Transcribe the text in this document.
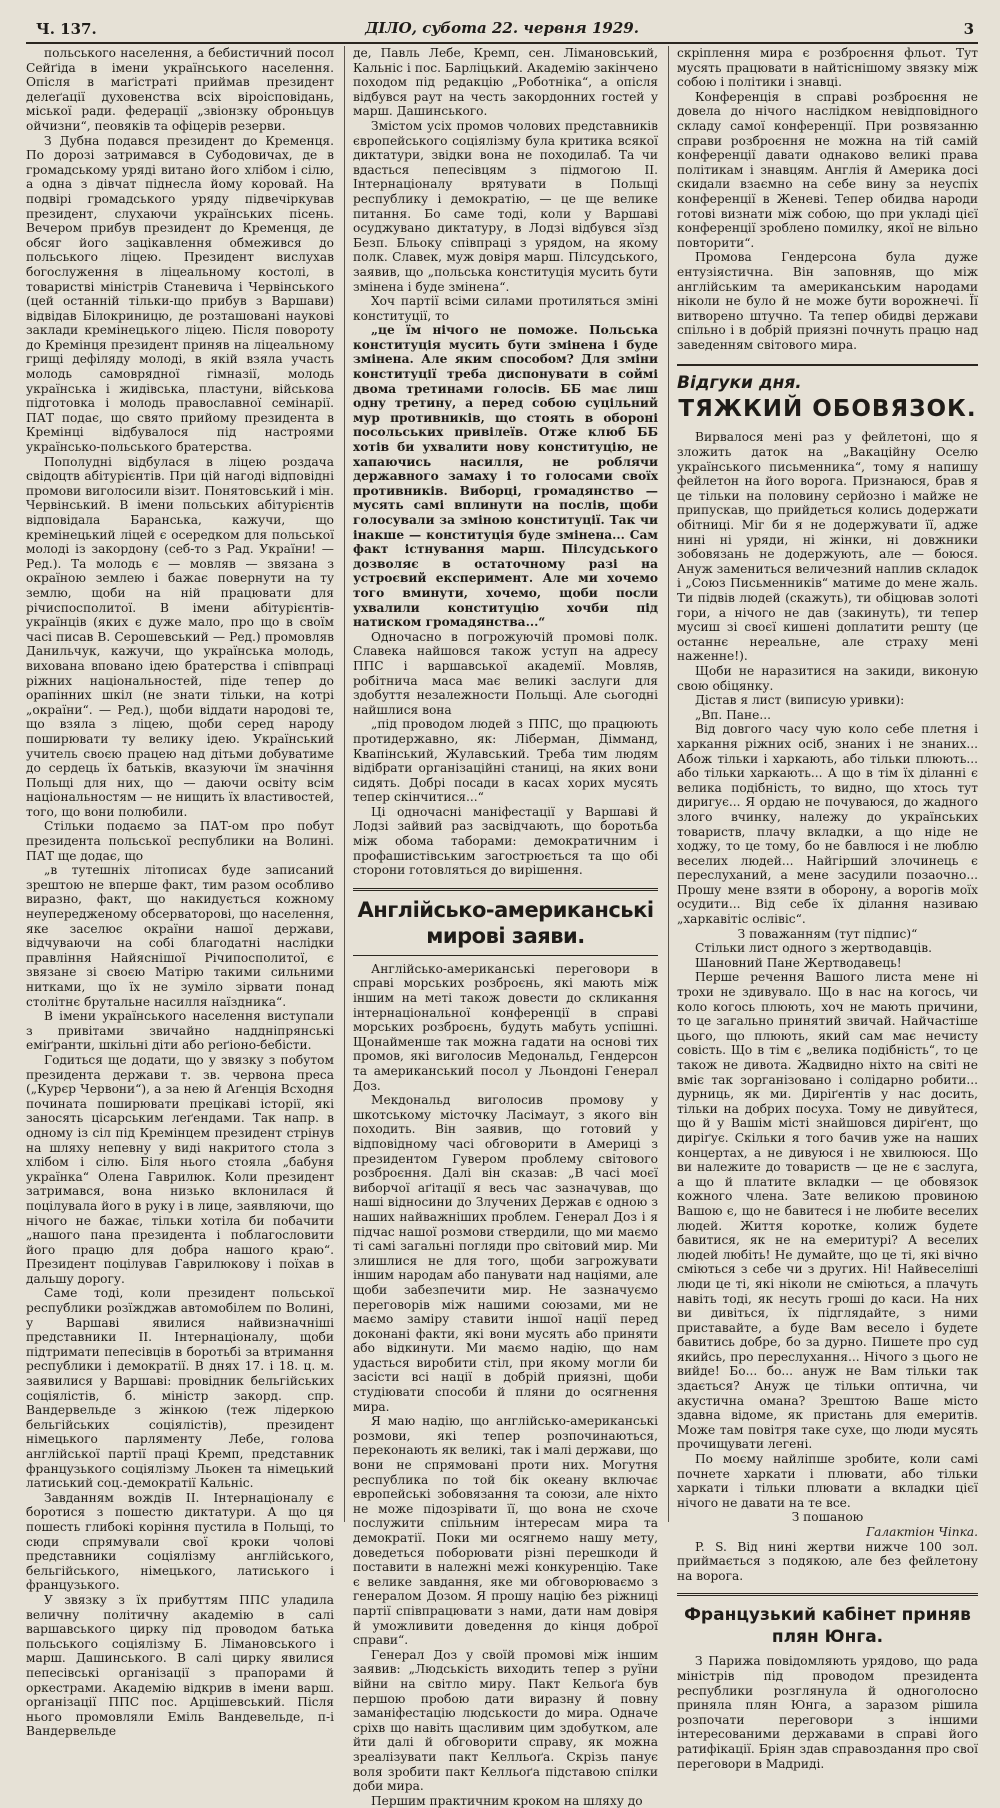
Ч. 137.	ДІЛО, субота 22. червня 1929.	3

польського населення, а бебистичний посол Сейґіда в імени українського населення. Опісля в маґістраті приймав президент делеґації духовенства всіх віроісповідань, міської ради. федерації „звіонзку оброньцув ойчизни“, пеовяків та офіцерів резерви.

З Дубна подався президент до Кременця. По дорозі затримався в Субодовичах, де в громадському уряді витано його хлібом і сілю, а одна з дівчат піднесла йому коровай. На подвірі громадського уряду підвечіркував президент, слухаючи українських пісень. Вечером прибув президент до Кременця, де обсяг його зацікавлення обмежився до польського ліцею. Президент вислухав богослуження в ліцеальному костолі, в товаристві міністрів Станевича і Червінського (цей останній тільки-що прибув з Варшави) відвідав Білокриницю, де розташовані наукові заклади кремінецького ліцею. Після повороту до Кремінця президент приняв на ліцеальному грищі дефіляду молоді, в якій взяла участь молодь самоврядної гімназії, молодь українська і жидівська, пластуни, військова підготовка і молодь православної семінарії. ПАТ подає, що свято прийому президента в Кремінці відбувалося під настроями українсько-польського братерства.

Пополудні відбулася в ліцею роздача свідоцтв абітурієнтів. При цій нагоді відповідні промови виголосили візит. Понятовський і мін. Червінський. В імени польських абітурієнтів відповідала Баранська, кажучи, що кремінецький ліцей є осередком для польської молоді із закордону (себ-то з Рад. України! — Ред.). Та молодь є — мовляв — звязана з окраїною землею і бажає повернути на ту землю, щоби на ній працювати для річиспосполитої. В імени абітурієнтів-українців (яких є дуже мало, про що в своїм часі писав В. Серошевський — Ред.) промовляв Данильчук, кажучи, що українська молодь, вихована вповано ідею братерства і співпраці ріжних національностей, піде тепер до орапінних шкіл (не знати тільки, на котрі „окраїни“. — Ред.), щоби віддати народові те, що взяла з ліцею, щоби серед народу поширювати ту велику ідею. Український учитель своєю працею над дітьми добуватиме до сердець їх батьків, вказуючи їм значіння Польщі для них, що — даючи освіту всім національностям — не нищить їх властивостей, того, що вони полюбили.

Стільки подаємо за ПАТ-ом про побут президента польської республики на Волині. ПАТ ще додає, що

„в тутешніх літописах буде записаний зрештою не вперше факт, тим разом особливо виразно, факт, що накидується кожному неупередженому обсерваторові, що населення, яке заселює окраїни нашої держави, відчуваючи на собі благодатні наслідки правління Найяснішої Річипосполитої, є звязане зі своєю Матірю такими сильними нитками, що їх не зуміло зірвати понад столітнє брутальне насилля наїздника“.

В імени українського населення виступали з привітами звичайно наддніпрянські еміґранти, шкільні діти або реґіоно-бебісти.

Годиться ще додати, що у звязку з побутом президента держави т. зв. червона преса („Курєр Червони“), а за нею й Аґенція Всходня почината поширювати прецікаві історії, які заносять цісарським леґендами. Так напр. в одному із сіл під Кремінцем президент стрінув на шляху непевну у виді накритого стола з хлібом і сілю. Біля нього стояла „бабуня українка“ Олена Гаврилюк. Коли президент затримався, вона низько вклонилася й поцілувала його в руку і в лице, заявляючи, що нічого не бажає, тільки хотіла би побачити „нашого пана президента і поблагословити його працю для добра нашого краю“. Президент поцілував Гаврилюкову і поїхав в дальшу дорогу.

Саме тоді, коли президент польської республики розїжджав автомобілем по Волині, у Варшаві явилися найвизначніші представники II. Інтернаціоналу, щоби підтримати пепесівців в боротьбі за втримання республики і демократії. В днях 17. і 18. ц. м. заявилися у Варшаві: провідник бельгійських соціялістів, б. міністр закорд. спр. Вандервельде з жінкою (теж лідеркою бельгійських соціялістів), президент німецького парляменту Лебе, голова англійської партії праці Кремп, представник французького соціялізму Льокен та німецький латиський соц.-демократії Кальніс.

Завданням вождів II. Інтернаціоналу є боротися з пошестю диктатури. А що ця пошесть глибокі коріння пустила в Польщі, то сюди спрямували свої кроки чолові представники соціялізму англійського, бельгійського, німецького, латиського і французького.

У звязку з їх прибуттям ППС уладила величну політичну академію в салі варшавського цирку під проводом батька польського соціялізму Б. Лімановського і марш. Дашинського. В салі цирку явилися пепесівські організації з прапорами й оркестрами. Академію відкрив в імени варш. організації ППС пос. Арцішевський. Після нього промовляли Еміль Вандевельде, п-і Вандервельде

де, Павль Лебе, Кремп, сен. Лімановський, Кальніс і пос. Барліцький. Академію закінчено походом під редакцію „Роботніка“, а опісля відбувся раут на честь закордонних гостей у марш. Дашинського.

Змістом усіх промов чолових представників європейського соціялізму була критика всякої диктатури, звідки вона не походилаб. Та чи вдасться пепесівцям з підмогою II. Інтернаціоналу врятувати в Польщі республику і демократію, — це ще велике питання. Бо саме тоді, коли у Варшаві осуджувано диктатуру, в Лодзі відбувся зїзд Безп. Бльоку співпраці з урядом, на якому полк. Славек, муж довіря марш. Пілсудського, заявив, що „польська конституція мусить бути змінена і буде змінена“.

Хоч партії всіми силами протиляться зміні конституції, то

„це їм нічого не поможе. Польська конституція мусить бути змінена і буде змінена. Але яким способом? Для зміни конституції треба диспонувати в соймі двома третинами голосів. ББ має лиш одну третину, а перед собою суцільний мур противників, що стоять в обороні посольських привілеїв. Отже клюб ББ хотів би ухвалити нову конституцію, не хапаючись насилля, не роблячи державного замаху і то голосами своїх противників. Виборці, громадянство — мусять самі вплинути на послів, щоби голосували за зміною конституції. Так чи інакше — конституція буде змінена... Сам факт істнування марш. Пілсудського дозволяє в остаточному разі на устроєвий експеримент. Але ми хочемо того вминути, хочемо, щоби посли ухвалили конституцію хочби під натиском громадянства...“

Одночасно в погрожуючій промові полк. Славека найшовся також уступ на адресу ППС і варшавської академії. Мовляв, робітнича маса має великі заслуги для здобуття незалежности Польщі. Але сьогодні найшлися вона

„під проводом людей з ППС, що працюють протидержавно, як: Ліберман, Дімманд, Квапінський, Жулавський. Треба тим людям відібрати організаційні станиці, на яких вони сидять. Добрі посади в касах хорих мусять тепер скінчитися...“

Ці одночасні маніфестації у Варшаві й Лодзі зайвий раз засвідчають, що боротьба між обома таборами: демократичним і профашистівським загострюється та що обі сторони готовляться до вирішення.

Англійсько-американські мирові заяви.

Англійсько-американські переговори в справі морських розброєнь, які мають між іншим на меті також довести до скликання інтернаціональної конференції в справі морських розброєнь, будуть мабуть успішні. Щонайменше так можна гадати на основі тих промов, які виголосив Медональд, Гендерсон та американський посол у Льондоні Генерал Доз.

Мекдональд виголосив промову у шкотському місточку Ласімаут, з якого він походить. Він заявив, що готовий у відповідному часі обговорити в Америці з президентом Гувером проблему світового розброєння. Далі він сказав: „В часі моєї виборчої аґітації я весь час зазначував, що наші відносини до Злучених Держав є одною з наших найважніших проблем. Генерал Доз і я підчас нашої розмови ствердили, що ми маємо ті самі загальні погляди про світовий мир. Ми злишлися не для того, щоби загрожувати іншим народам або панувати над націями, але щоби забезпечити мир. Не зазначуємо переговорів між нашими союзами, ми не маємо заміру ставити іншої нації перед доконані факти, які вони мусять або приняти або відкинути. Ми маємо надію, що нам удасться виробити стіл, при якому могли би засісти всі нації в добрій приязні, щоби студіювати способи й пляни до осягнення мира.

Я маю надію, що англійсько-американські розмови, які тепер розпочинаються, переконають як великі, так і малі держави, що вони не спрямовані проти них. Могутня республика по той бік океану включає европейські зобовязання та союзи, але ніхто не може підозрівати її, що вона не схоче послужити спільним інтересам мира та демократії. Поки ми осягнемо нашу мету, доведеться поборювати різні перешкоди й поставити в належні межі конкуренцію. Таке є велике завдання, яке ми обговорюваємо з генералом Дозом. Я прошу націю без ріжниці партії співпрацювати з нами, дати нам довіря й уможливити доведення до кінця доброї справи“.

Генерал Доз у своїй промові між іншим заявив: „Людськість виходить тепер з руїни війни на світло миру. Пакт Кельоґа був першою пробою дати виразну й повну заманіфестацію людськости до мира. Одначе сріхв що навіть щасливим цим здобутком, але йти далі й обговорити справу, як можна зреалізувати пакт Келльоґа. Скрізь панує воля зробити пакт Келльоґа підставою спілки доби мира.

Першим практичним кроком на шляху до

скріплення мира є розброєння фльот. Тут мусять працювати в найтіснішому звязку між собою і політики і знавці.

Конференція в справі розброєння не довела до нічого наслідком невідповідного складу самої конференції. При розвязанню справи розброєння не можна на тій самій конференції давати однаково великі права політикам і знавцям. Англія й Америка досі скидали взаємно на себе вину за неуспіх конференції в Женеві. Тепер обидва народи готові визнати між собою, що при укладі цієї конференції зроблено помилку, якої не вільно повторити“.

Промова Гендерсона була дуже ентузіястична. Він заповняв, що між англійським та американським народами ніколи не було й не може бути ворожнечі. Її витворено штучно. Та тепер обидві держави спільно і в добрій приязні почнуть працю над заведенням світового мира.

Відгуки дня.
ТЯЖКИЙ ОБОВЯЗОК.

Вирвалося мені раз у фейлетоні, що я зложить даток на „Вакаційну Оселю українського письменника“, тому я напишу фейлетон на його ворога. Признаюся, брав я це тільки на половину серйозно і майже не припускав, що прийдеться колись додержати обітниці. Міг би я не додержувати її, адже нині ні уряди, ні жінки, ні довжники зобовязань не додержують, але — боюся. Ануж замениться величезний наплив складок і „Союз Письменників“ матиме до мене жаль. Ти підвів людей (скажуть), ти обіцював золоті гори, а нічого не дав (закинуть), ти тепер мусиш зі своєї кишені доплатити решту (це останнє нереальне, але страху мені наженне!).

Щоби не наразитися на закиди, виконую свою обіцянку.

Дістав я лист (виписую уривки):

„Вп. Пане...

Від довгого часу чую коло себе плетня і харкання ріжних осіб, знаних і не знаних... Абож тільки і харкають, або тільки плюють... або тільки харкають... А що в тім їх діланні є велика подібність, то видно, що хтось тут диригує... Я ордаю не почуваюся, до жадного злого вчинку, належу до українських товариств, плачу вкладки, а що ніде не ходжу, то це тому, бо не бавлюся і не люблю веселих людей... Найгірший злочинець є переслуханий, а мене засудили позаочно... Прошу мене взяти в оборону, а ворогів моїх осудити... Від себе їх ділання називаю „харкавітіс ослівіс“.

З поважанням (тут підпис)“

Стільки лист одного з жертводавців.

Шановний Пане Жертводавець!

Перше речення Вашого листа мене ні трохи не здивувало. Що в нас на когось, чи коло когось плюють, хоч не мають причини, то це загально принятий звичай. Найчастіше цього, що плюють, який сам має нечисту совість. Що в тім є „велика подібність“, то це також не дивота. Жадвидно ніхто на світі не вміє так зорганізовано і солідарно робити... дурниць, як ми. Диріґентів у нас досить, тільки на добрих посуха. Тому не дивуйтеся, що й у Вашім місті знайшовся диріґент, що диріґує. Скільки я того бачив уже на наших концертах, а не дивуюся і не хвилююся. Що ви належите до товариств — це не є заслуга, а що й платите вкладки — це обовязок кожного члена. Зате великою провиною Вашою є, що не бавитеся і не любите веселих людей. Життя коротке, колиж будете бавитися, як не на емеритурі? А веселих людей любіть! Не думайте, що це ті, які вічно сміються з себе чи з других. Ні! Найвеселіші люди це ті, які ніколи не сміються, а плачуть навіть тоді, як несуть гроші до каси. На них ви дивіться, їх підглядайте, з ними приставайте, а буде Вам весело і будете бавитись добре, бо за дурно. Пишете про суд якийсь, про переслухання... Нічого з цього не вийде! Бо... бо... ануж не Вам тільки так здається? Ануж це тільки оптична, чи акустична омана? Зрештою Ваше місто здавна відоме, як пристань для емеритів. Може там повітря таке сухе, що люди мусять прочищувати легені.

По моєму найліпше зробите, коли самі почнете харкати і плювати, або тільки харкати і тільки плювати а вкладки цієї нічого не давати на те все.

З пошаною

Галактіон Чіпка.

P. S. Від нині жертви нижче 100 зол. приймається з подякою, але без фейлетону на ворога.

Французький кабінет приняв плян Юнга.

З Парижа повідомляють урядово, що рада міністрів під проводом президента республики розглянула й одноголосно приняла плян Юнга, а заразом рішила розпочати переговори з іншими інтересованими державами в справі його ратифікації. Бріян здав справоздання про свої переговори в Мадриді.
